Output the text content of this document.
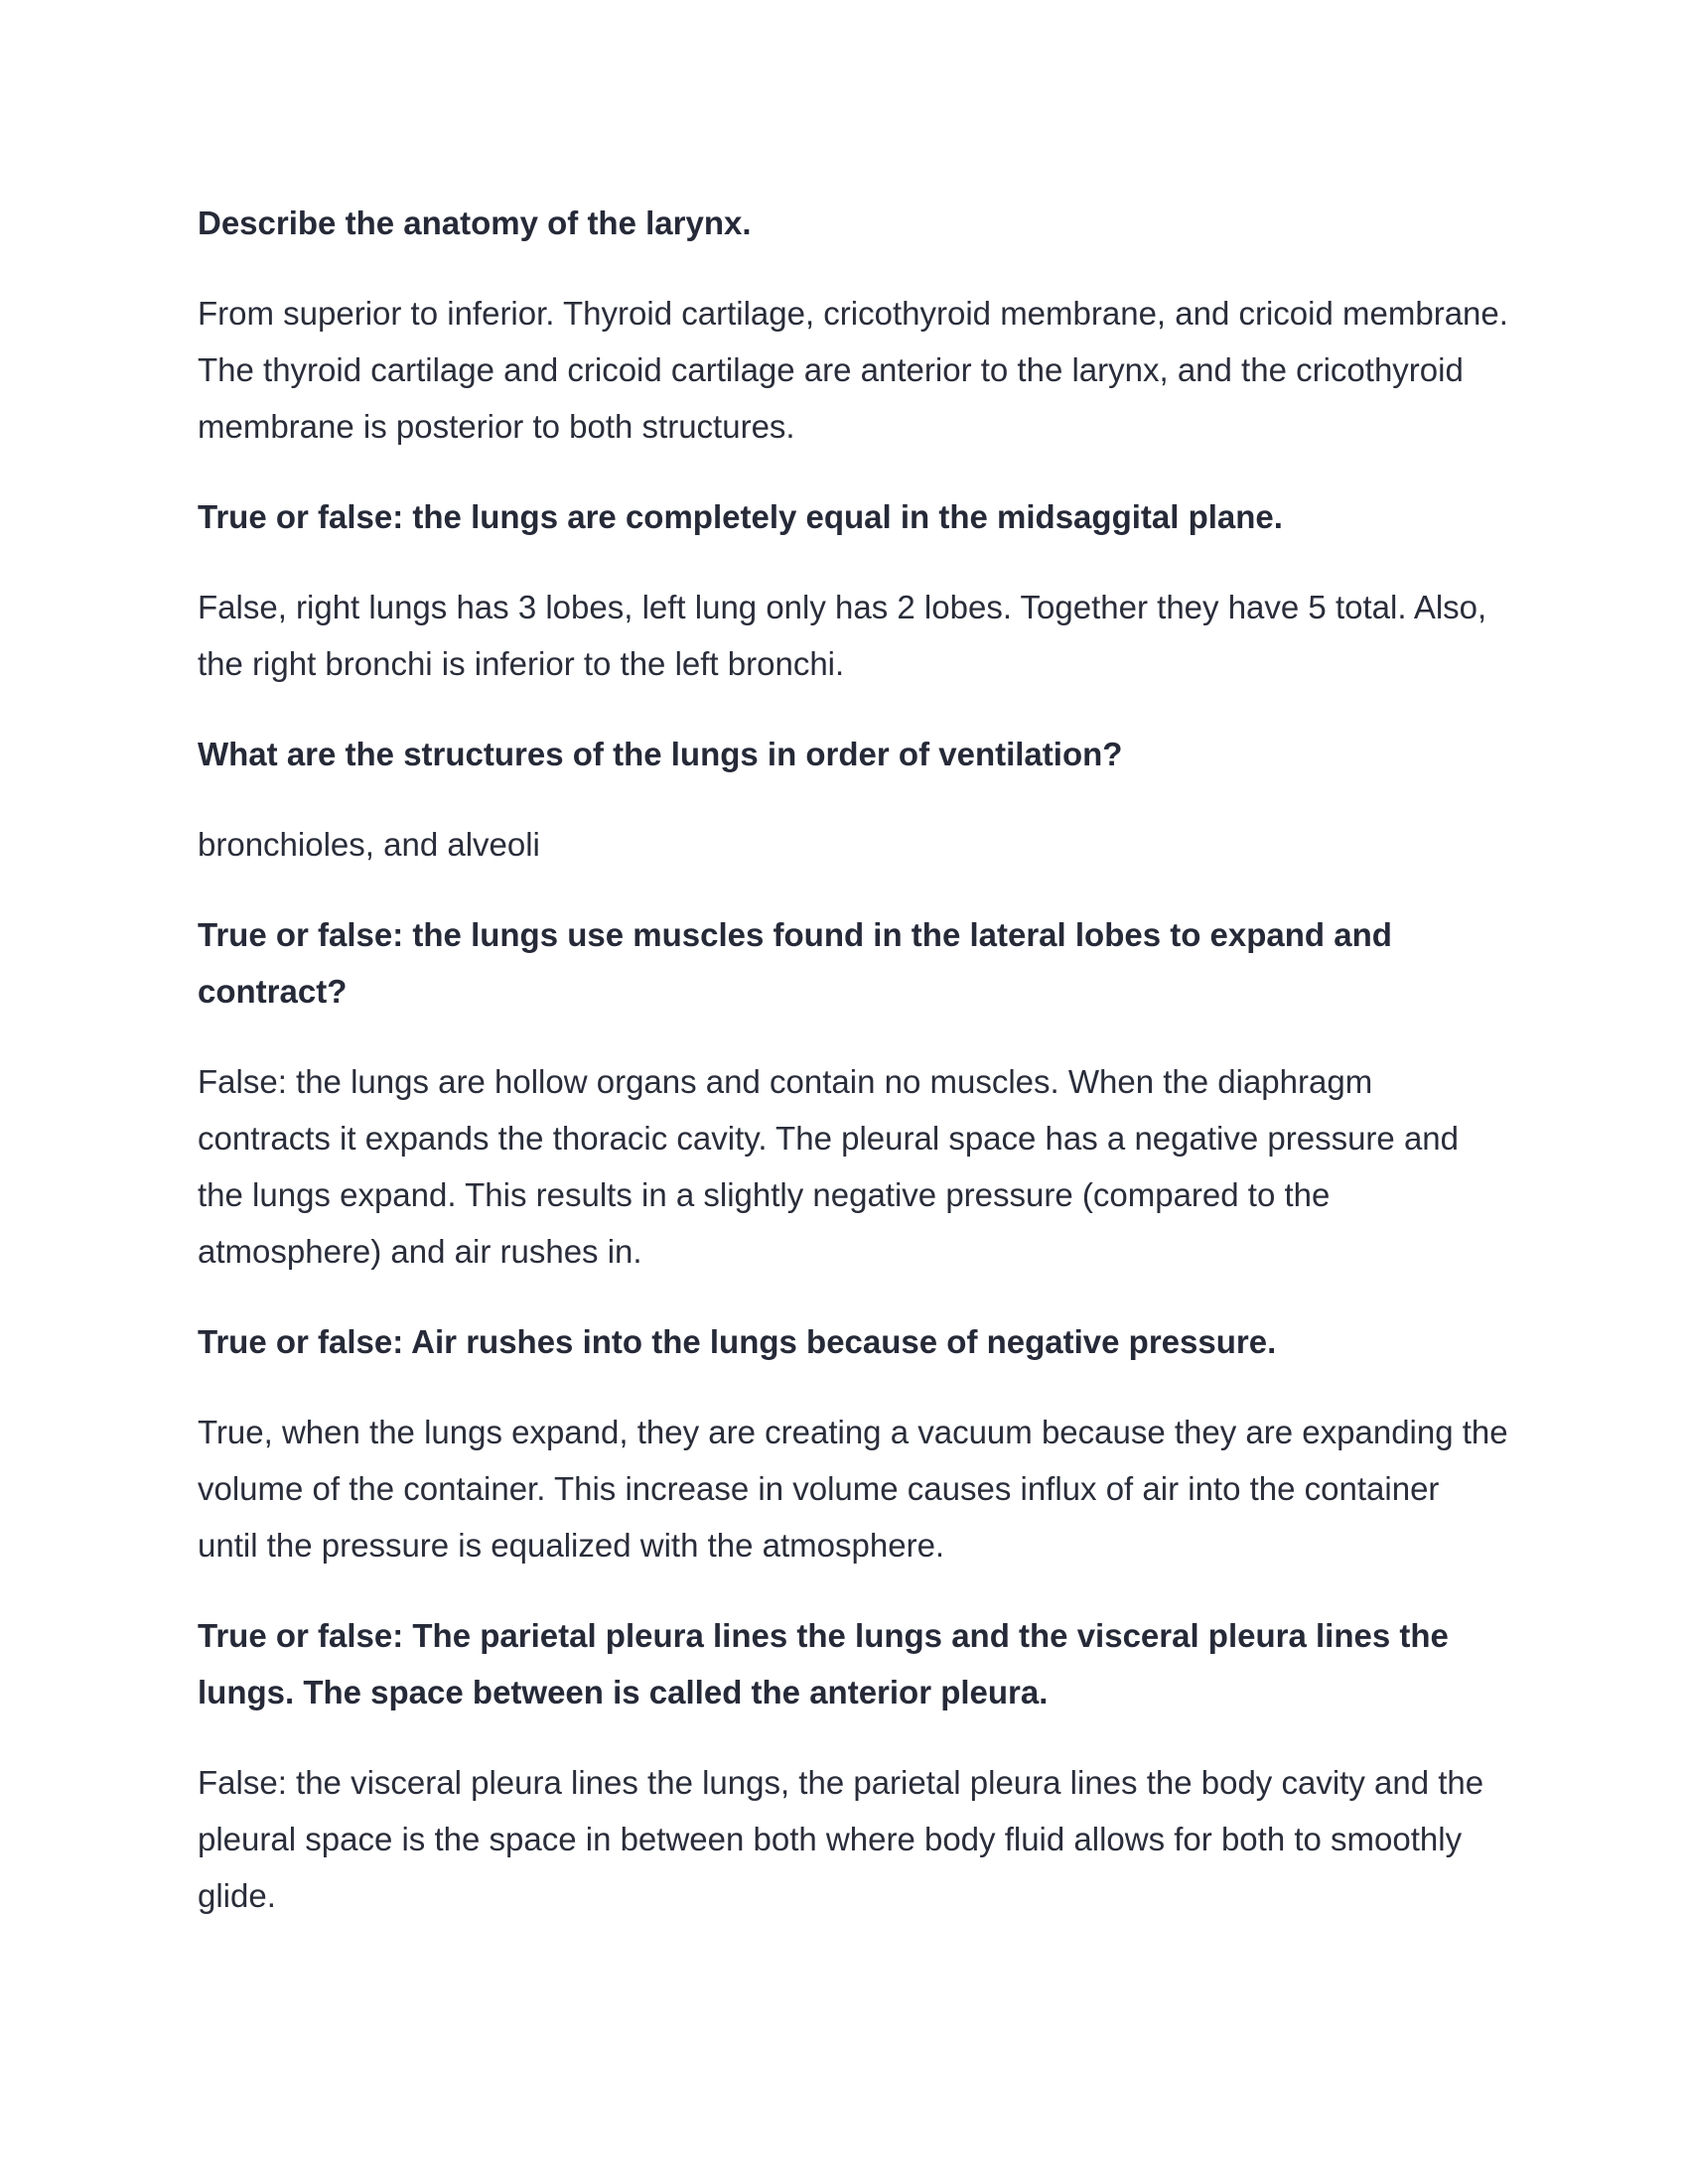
Describe the anatomy of the larynx.

From superior to inferior. Thyroid cartilage, cricothyroid membrane, and cricoid membrane. The thyroid cartilage and cricoid cartilage are anterior to the larynx, and the cricothyroid membrane is posterior to both structures.

True or false: the lungs are completely equal in the midsaggital plane.

False, right lungs has 3 lobes, left lung only has 2 lobes. Together they have 5 total. Also, the right bronchi is inferior to the left bronchi.

What are the structures of the lungs in order of ventilation?

bronchioles, and alveoli

True or false: the lungs use muscles found in the lateral lobes to expand and contract?

False: the lungs are hollow organs and contain no muscles. When the diaphragm contracts it expands the thoracic cavity. The pleural space has a negative pressure and the lungs expand. This results in a slightly negative pressure (compared to the atmosphere) and air rushes in.

True or false: Air rushes into the lungs because of negative pressure.

True, when the lungs expand, they are creating a vacuum because they are expanding the volume of the container. This increase in volume causes influx of air into the container until the pressure is equalized with the atmosphere.

True or false: The parietal pleura lines the lungs and the visceral pleura lines the lungs. The space between is called the anterior pleura.

False: the visceral pleura lines the lungs, the parietal pleura lines the body cavity and the pleural space is the space in between both where body fluid allows for both to smoothly glide.
